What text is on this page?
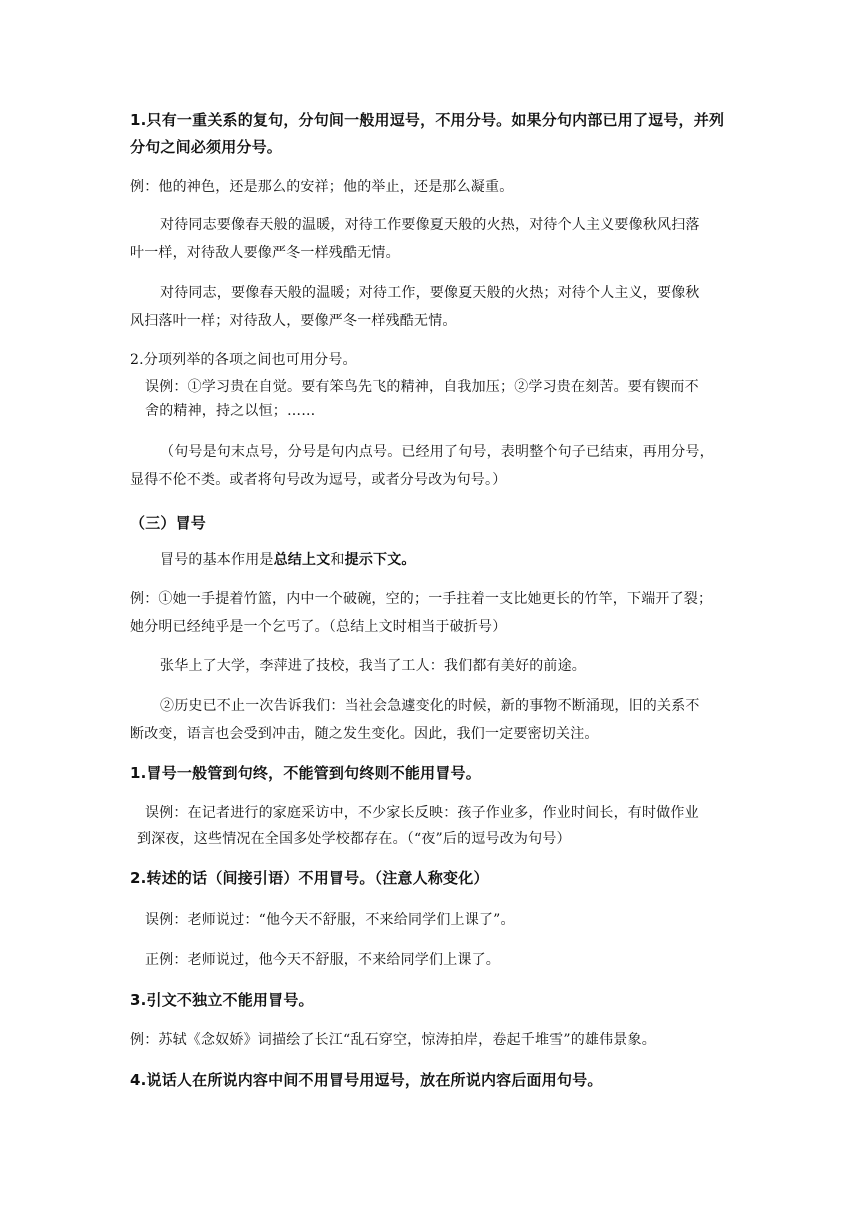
1.只有一重关系的复句，分句间一般用逗号，不用分号。如果分句内部已用了逗号，并列
分句之间必须用分号。
例：他的神色，还是那么的安祥；他的举止，还是那么凝重。
对待同志要像春天般的温暖，对待工作要像夏天般的火热，对待个人主义要像秋风扫落
叶一样，对待敌人要像严冬一样残酷无情。
对待同志，要像春天般的温暖；对待工作，要像夏天般的火热；对待个人主义，要像秋
风扫落叶一样；对待敌人，要像严冬一样残酷无情。
2.分项列举的各项之间也可用分号。
误例：①学习贵在自觉。要有笨鸟先飞的精神，自我加压；②学习贵在刻苦。要有锲而不
舍的精神，持之以恒；……
（句号是句末点号，分号是句内点号。已经用了句号，表明整个句子已结束，再用分号，
显得不伦不类。或者将句号改为逗号，或者分号改为句号。）
（三）冒号
冒号的基本作用是总结上文和提示下文。
例：①她一手提着竹篮，内中一个破碗，空的；一手拄着一支比她更长的竹竿，下端开了裂；
她分明已经纯乎是一个乞丐了。（总结上文时相当于破折号）
张华上了大学，李萍进了技校，我当了工人：我们都有美好的前途。
②历史已不止一次告诉我们：当社会急遽变化的时候，新的事物不断涌现，旧的关系不
断改变，语言也会受到冲击，随之发生变化。因此，我们一定要密切关注。
1.冒号一般管到句终，不能管到句终则不能用冒号。
误例：在记者进行的家庭采访中，不少家长反映：孩子作业多，作业时间长，有时做作业
到深夜，这些情况在全国多处学校都存在。（“夜”后的逗号改为句号）
2.转述的话（间接引语）不用冒号。（注意人称变化）
误例：老师说过：“他今天不舒服，不来给同学们上课了”。
正例：老师说过，他今天不舒服，不来给同学们上课了。
3.引文不独立不能用冒号。
例：苏轼《念奴娇》词描绘了长江“乱石穿空，惊涛拍岸，卷起千堆雪”的雄伟景象。
4.说话人在所说内容中间不用冒号用逗号，放在所说内容后面用句号。
